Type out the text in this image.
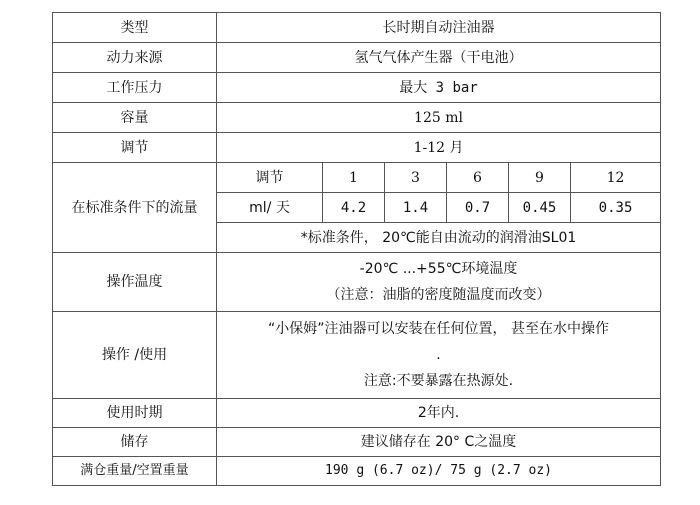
类型	长时期自动注油器					
动力来源	氢气气体产生器（干电池）					
工作压力	最大 3 bar					
容量	125 ml					
调节	1-12 月					
在标准条件下的流量	调节	1	3	6	9	12
	ml/ 天	4.2	1.4	0.7	0.45	0.35
	*标准条件， 20℃能自由流动的润滑油SL01					
操作温度	-20℃ ...+55℃环境温度
（注意：油脂的密度随温度而改变）					

操作 /使用	“小保姆”注油器可以安装在任何位置， 甚至在水中操作
.
注意:不要暴露在热源处.					

使用时期	2年内.					
储存	建议储存在 20° C之温度					
满仓重量/空置重量	190 g (6.7 oz)/ 75 g (2.7 oz)					
